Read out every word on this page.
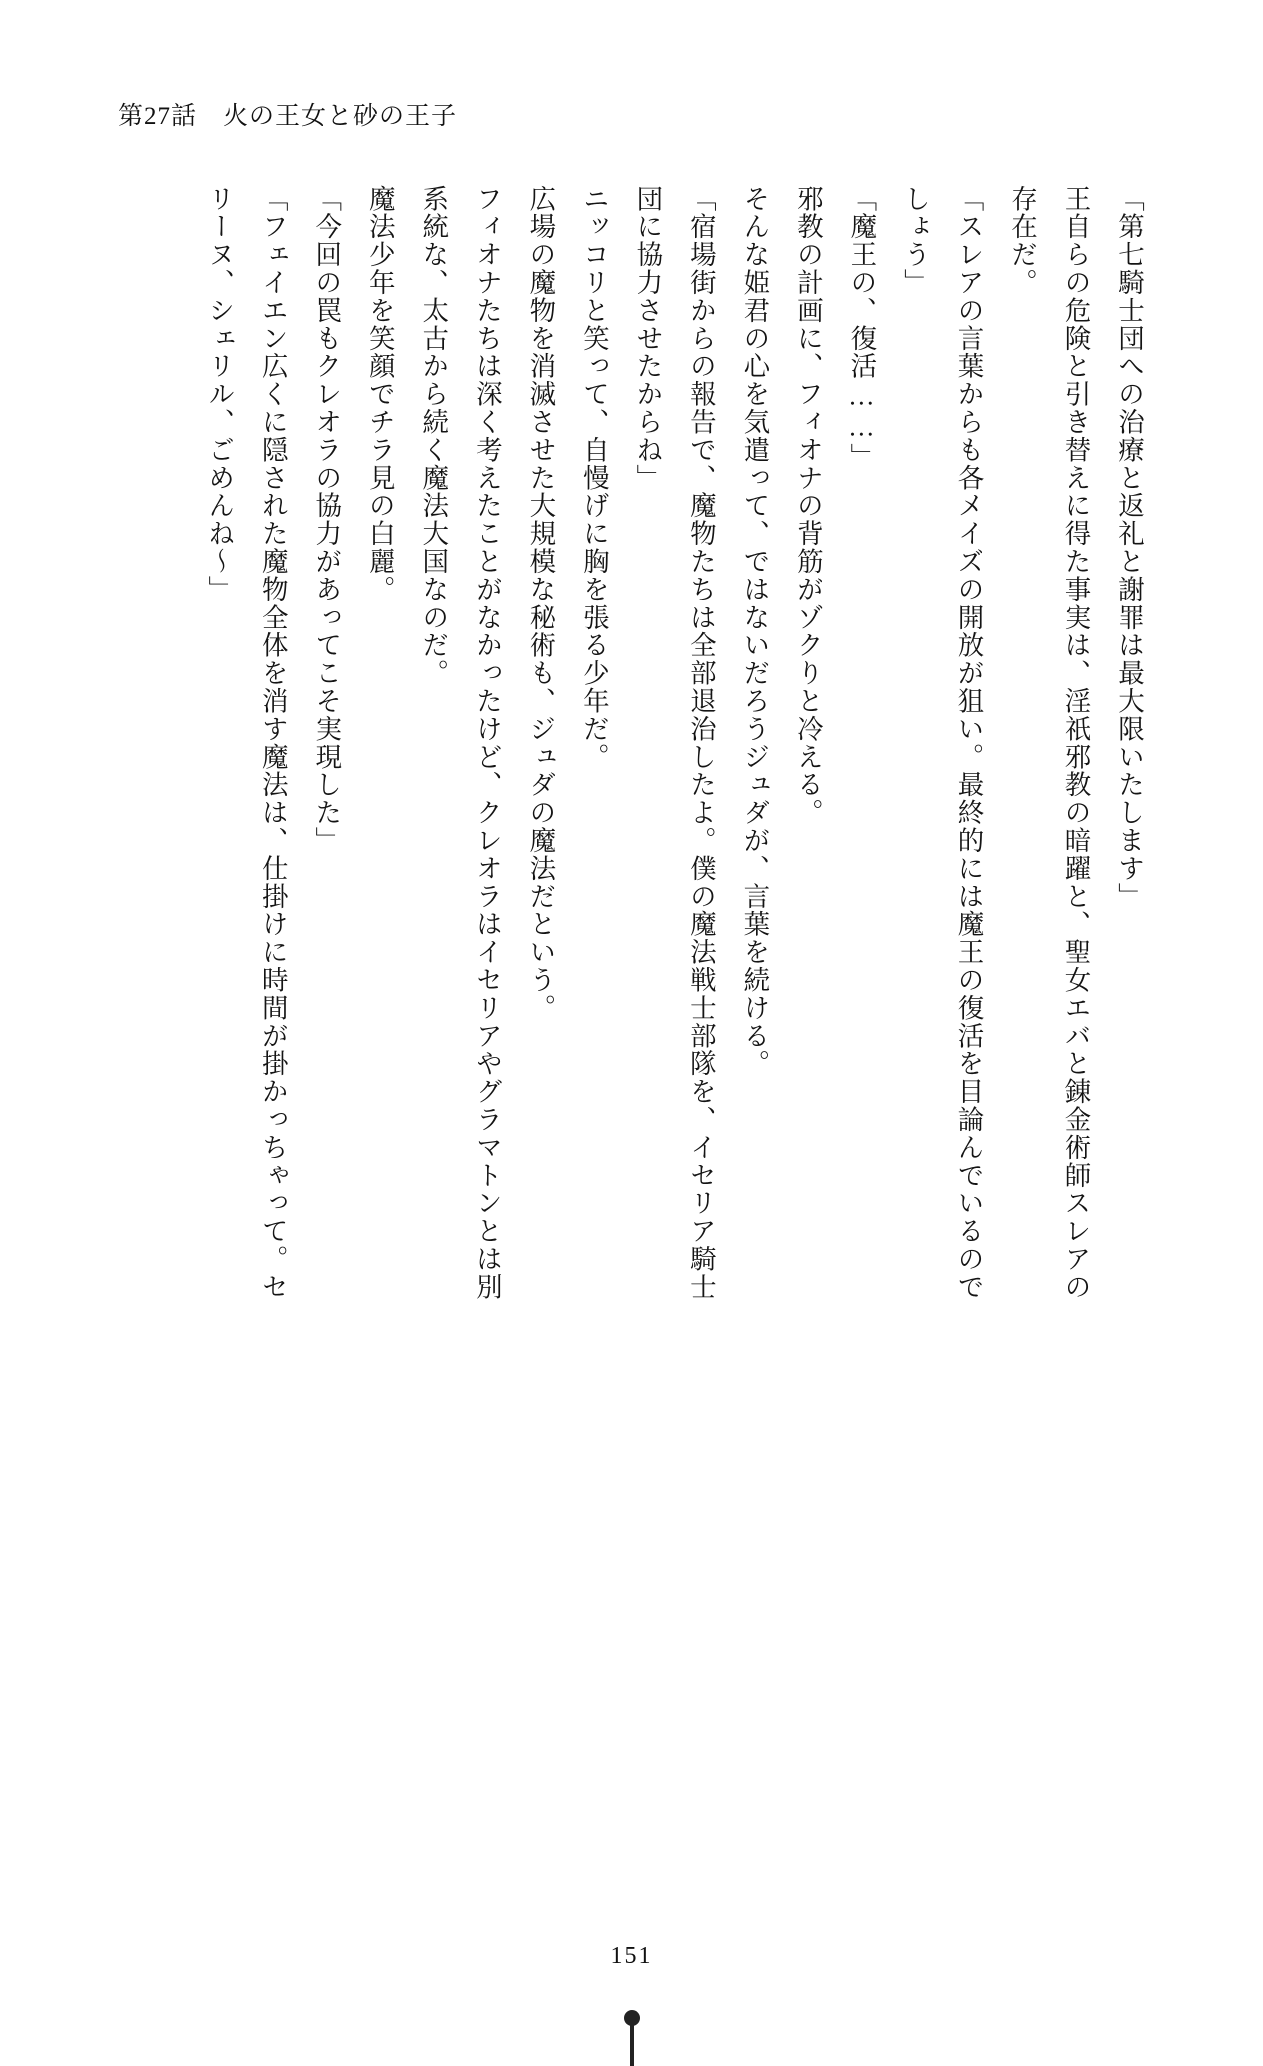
第27話　火の王女と砂の王子

「第七騎士団への治療と返礼と謝罪は最大限いたします」

王自らの危険と引き替えに得た事実は、淫祇邪教の暗躍と、聖女エバと錬金術師スレアの存在だ。

「スレアの言葉からも各メイズの開放が狙い。最終的には魔王の復活を目論んでいるのでしょう」

「魔王の、復活……」

邪教の計画に、フィオナの背筋がゾクりと冷える。

そんな姫君の心を気遣って、ではないだろうジュダが、言葉を続ける。

「宿場街からの報告で、魔物たちは全部退治したよ。僕の魔法戦士部隊を、イセリア騎士団に協力させたからね」

ニッコリと笑って、自慢げに胸を張る少年だ。

広場の魔物を消滅させた大規模な秘術も、ジュダの魔法だという。

フィオナたちは深く考えたことがなかったけど、クレオラはイセリアやグラマトンとは別系統な、太古から続く魔法大国なのだ。

魔法少年を笑顔でチラ見の白麗。

「今回の罠もクレオラの協力があってこそ実現した」

「フェイエン広くに隠された魔物全体を消す魔法は、仕掛けに時間が掛かっちゃって。セリーヌ、シェリル、ごめんね～」

151
